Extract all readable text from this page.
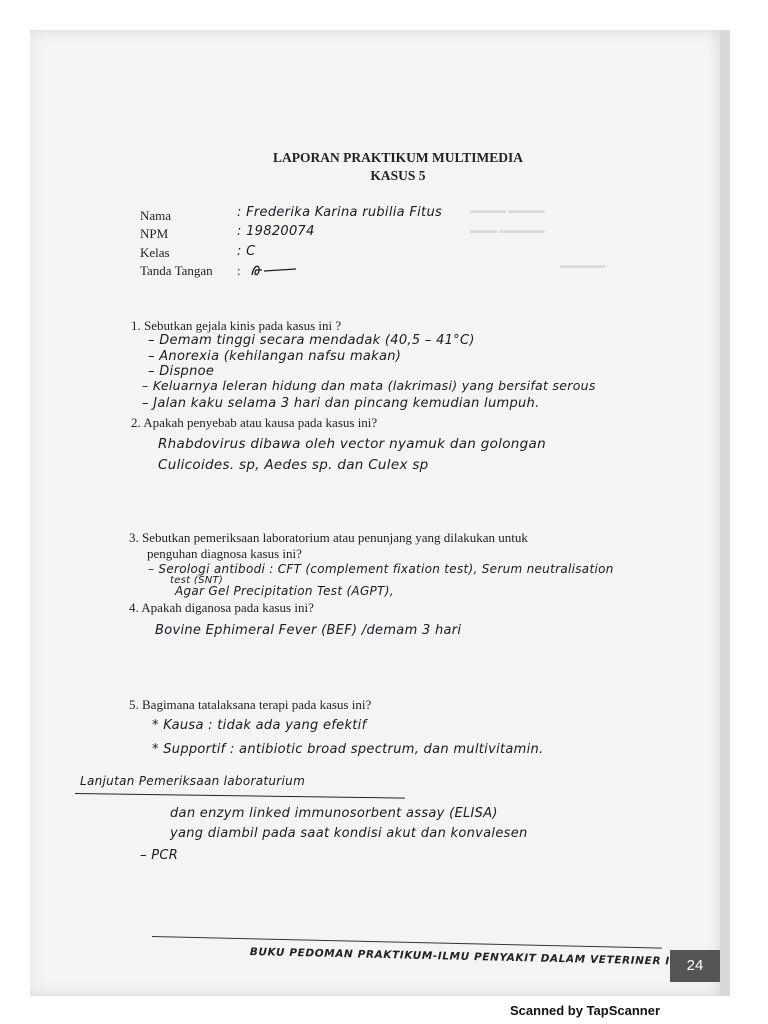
LAPORAN PRAKTIKUM MULTIMEDIA
KASUS 5
Nama
NPM
Kelas
Tanda Tangan
: Frederika Karina rubilia Fitus
: 19820074
: C
:
▬▬▬▬ ▬▬▬▬
▬▬▬ ▬▬▬▬▬
▬▬▬▬▬
1. Sebutkan gejala kinis pada kasus ini ?
– Demam tinggi secara mendadak (40,5 – 41°C)
– Anorexia (kehilangan nafsu makan)
– Dispnoe
– Keluarnya leleran hidung dan mata (lakrimasi) yang bersifat serous
– Jalan kaku selama 3 hari dan pincang kemudian lumpuh.
2. Apakah penyebab atau kausa pada kasus ini?
Rhabdovirus dibawa oleh vector nyamuk dan golongan
Culicoides. sp, Aedes sp. dan Culex sp
3. Sebutkan pemeriksaan laboratorium atau penunjang yang dilakukan untuk
penguhan diagnosa kasus ini?
– Serologi antibodi : CFT (complement fixation test), Serum neutralisation
test (SNT)
Agar Gel Precipitation Test (AGPT),
4. Apakah diganosa pada kasus ini?
Bovine Ephimeral Fever (BEF) /demam 3 hari
5. Bagimana tatalaksana terapi pada kasus ini?
* Kausa : tidak ada yang efektif
* Supportif : antibiotic broad spectrum, dan multivitamin.
Lanjutan Pemeriksaan laboraturium
dan enzym linked immunosorbent assay (ELISA)
yang diambil pada saat kondisi akut dan konvalesen
– PCR
BUKU PEDOMAN PRAKTIKUM-ILMU PENYAKIT DALAM VETERINER I	24
Scanned by TapScanner
